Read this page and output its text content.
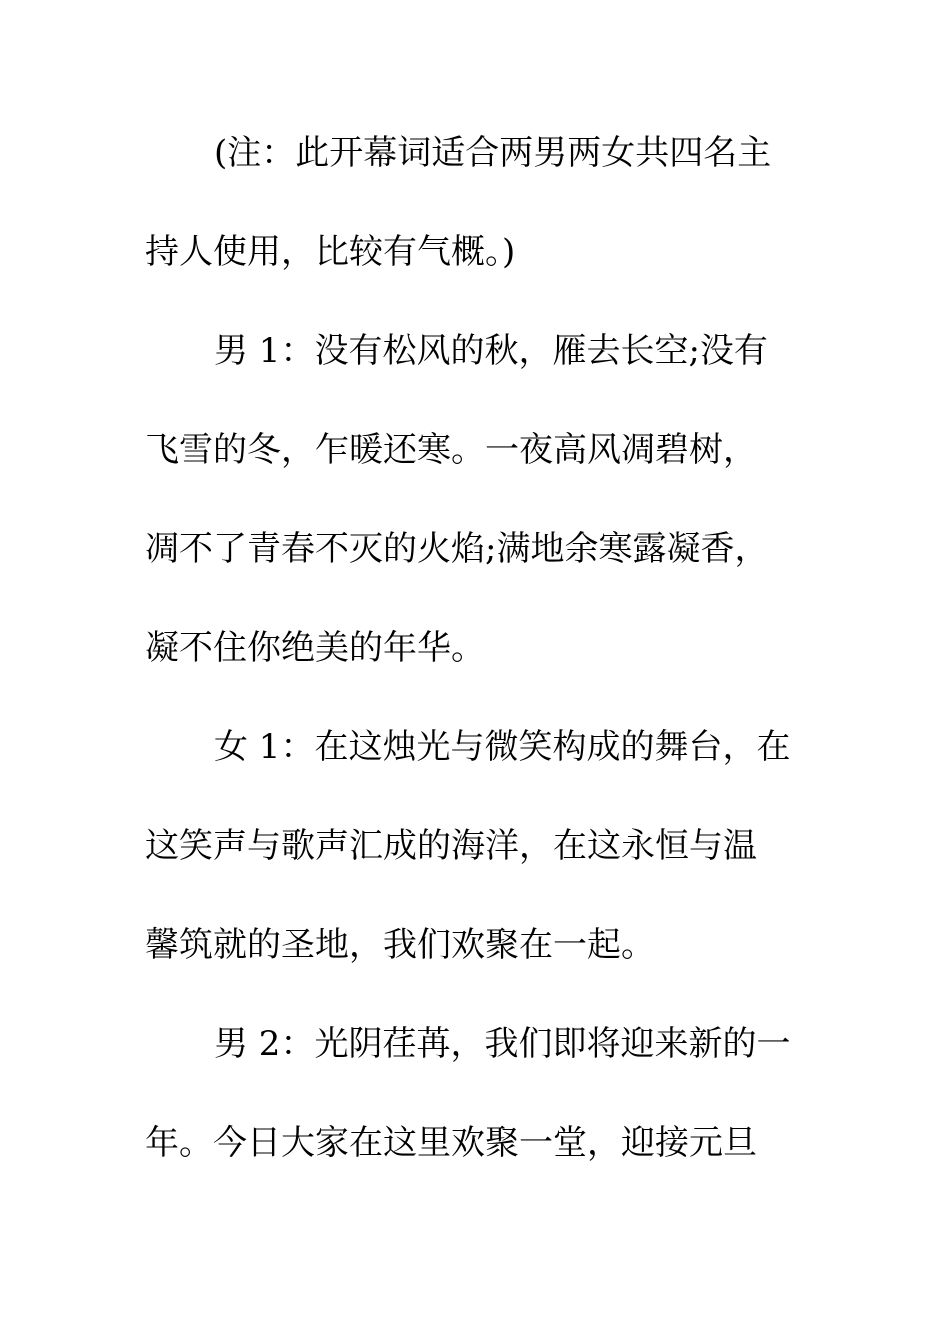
(注：此开幕词适合两男两女共四名主
持人使用，比较有气概。)
男 1：没有松风的秋，雁去长空;没有
飞雪的冬，乍暖还寒。一夜高风凋碧树，
凋不了青春不灭的火焰;满地余寒露凝香，
凝不住你绝美的年华。
女 1：在这烛光与微笑构成的舞台，在
这笑声与歌声汇成的海洋，在这永恒与温
馨筑就的圣地，我们欢聚在一起。
男 2：光阴荏苒，我们即将迎来新的一
年。今日大家在这里欢聚一堂，迎接元旦
